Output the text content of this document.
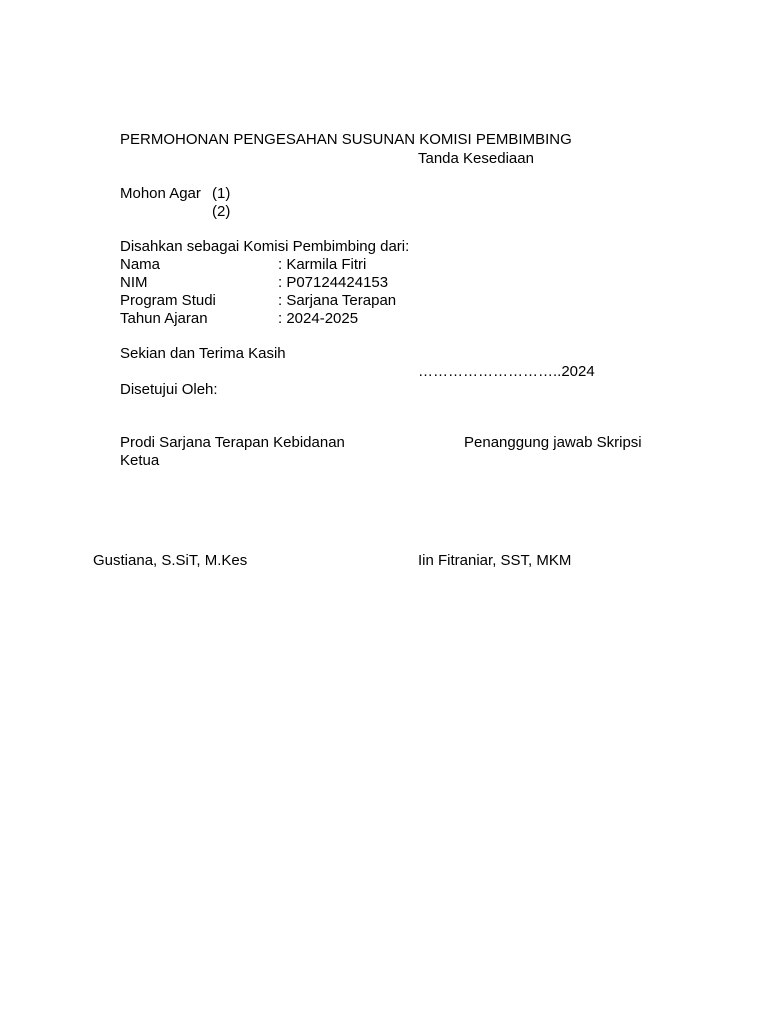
PERMOHONAN PENGESAHAN SUSUNAN KOMISI PEMBIMBING
Tanda Kesediaan
Mohon Agar (1)
(2)
Disahkan sebagai Komisi Pembimbing dari:
Nama	: Karmila Fitri
NIM	: P07124424153
Program Studi	: Sarjana Terapan
Tahun Ajaran	: 2024-2025
Sekian dan Terima Kasih
………………………..2024
Disetujui Oleh:
Prodi Sarjana Terapan Kebidanan	Penanggung jawab Skripsi
Ketua
Gustiana, S.SiT, M.Kes	Iin Fitraniar, SST, MKM
